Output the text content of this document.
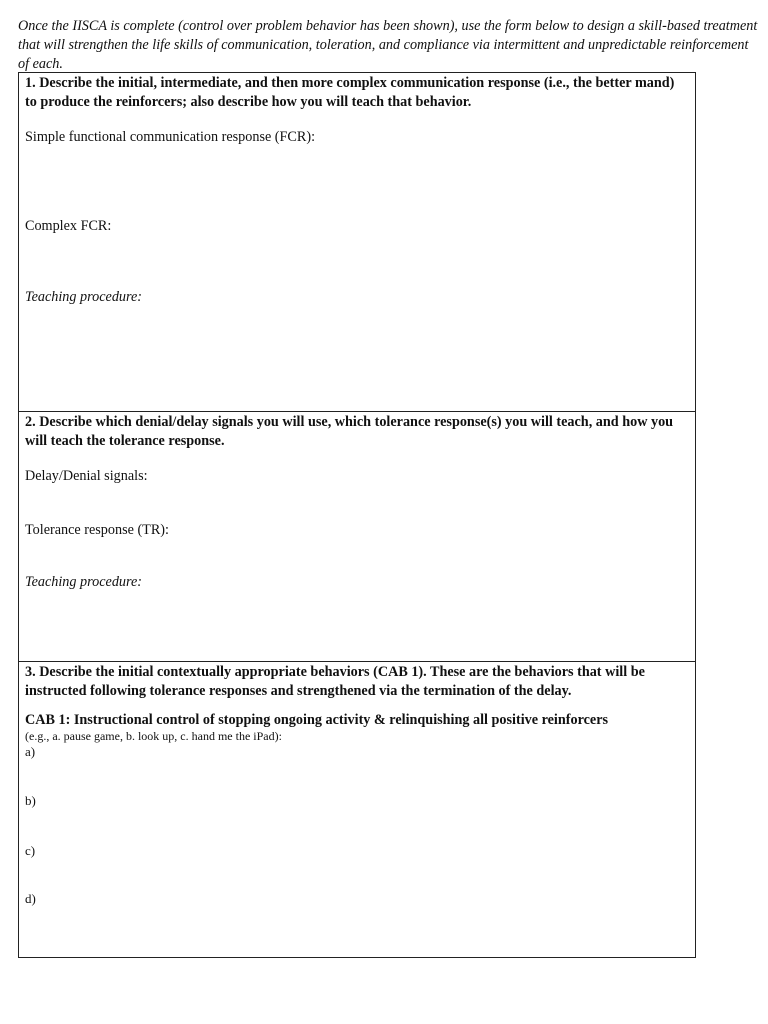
Once the IISCA is complete (control over problem behavior has been shown), use the form below to design a skill-based treatment that will strengthen the life skills of communication, toleration, and compliance via intermittent and unpredictable reinforcement of each.

1. Describe the initial, intermediate, and then more complex communication response (i.e., the better mand) to produce the reinforcers; also describe how you will teach that behavior.

Simple functional communication response (FCR):

Complex FCR:

Teaching procedure:

2. Describe which denial/delay signals you will use, which tolerance response(s) you will teach, and how you will teach the tolerance response.

Delay/Denial signals:

Tolerance response (TR):

Teaching procedure:

3. Describe the initial contextually appropriate behaviors (CAB 1). These are the behaviors that will be instructed following tolerance responses and strengthened via the termination of the delay.

CAB 1: Instructional control of stopping ongoing activity & relinquishing all positive reinforcers

(e.g., a. pause game, b. look up, c. hand me the iPad):

a)

b)

c)

d)
